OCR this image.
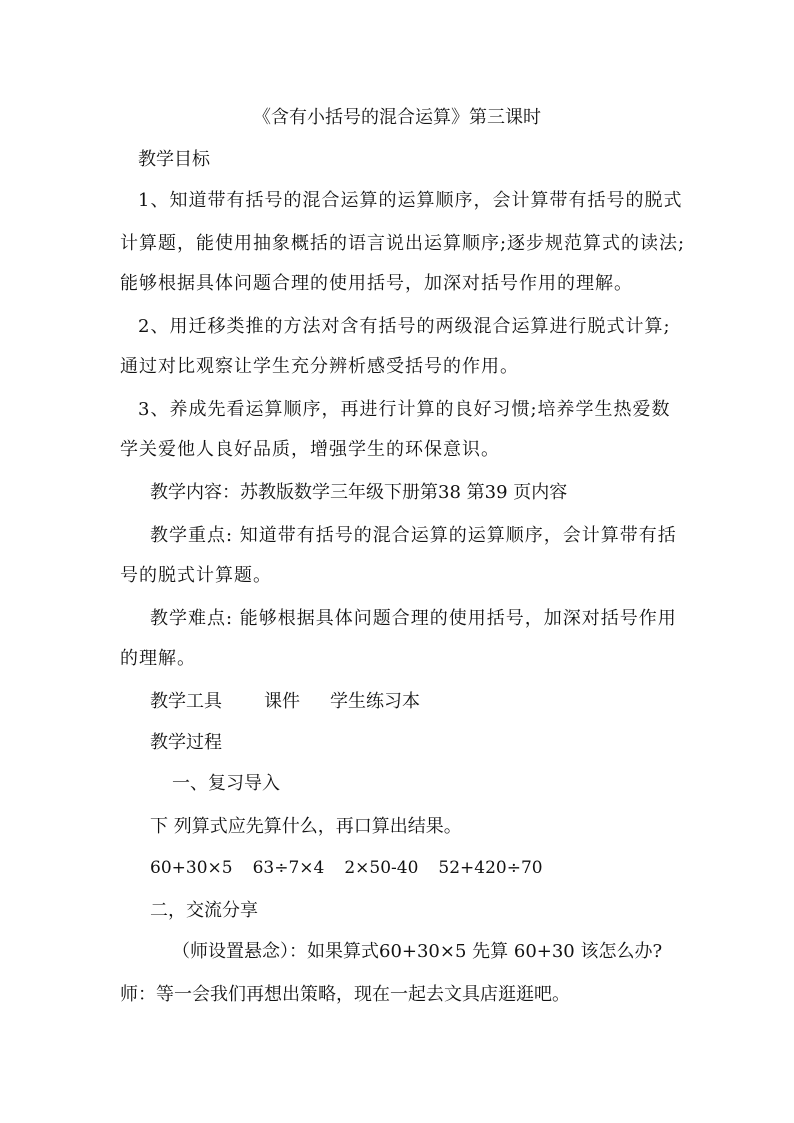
《含有小括号的混合运算》第三课时
教学目标
1、知道带有括号的混合运算的运算顺序，会计算带有括号的脱式
计算题，能使用抽象概括的语言说出运算顺序;逐步规范算式的读法;
能够根据具体问题合理的使用括号，加深对括号作用的理解。
2、用迁移类推的方法对含有括号的两级混合运算进行脱式计算;
通过对比观察让学生充分辨析感受括号的作用。
3、养成先看运算顺序，再进行计算的良好习惯;培养学生热爱数
学关爱他人良好品质，增强学生的环保意识。
教学内容：苏教版数学三年级下册第38 第39 页内容
教学重点: 知道带有括号的混合运算的运算顺序，会计算带有括
号的脱式计算题。
教学难点: 能够根据具体问题合理的使用括号，加深对括号作用
的理解。
教学工具 课件 学生练习本
教学过程
一、复习导入
下 列算式应先算什么，再口算出结果。
60+30×5 63÷7×4 2×50-40 52+420÷70
二，交流分享
（师设置悬念）：如果算式60+30×5 先算 60+30 该怎么办?
师：等一会我们再想出策略，现在一起去文具店逛逛吧。
